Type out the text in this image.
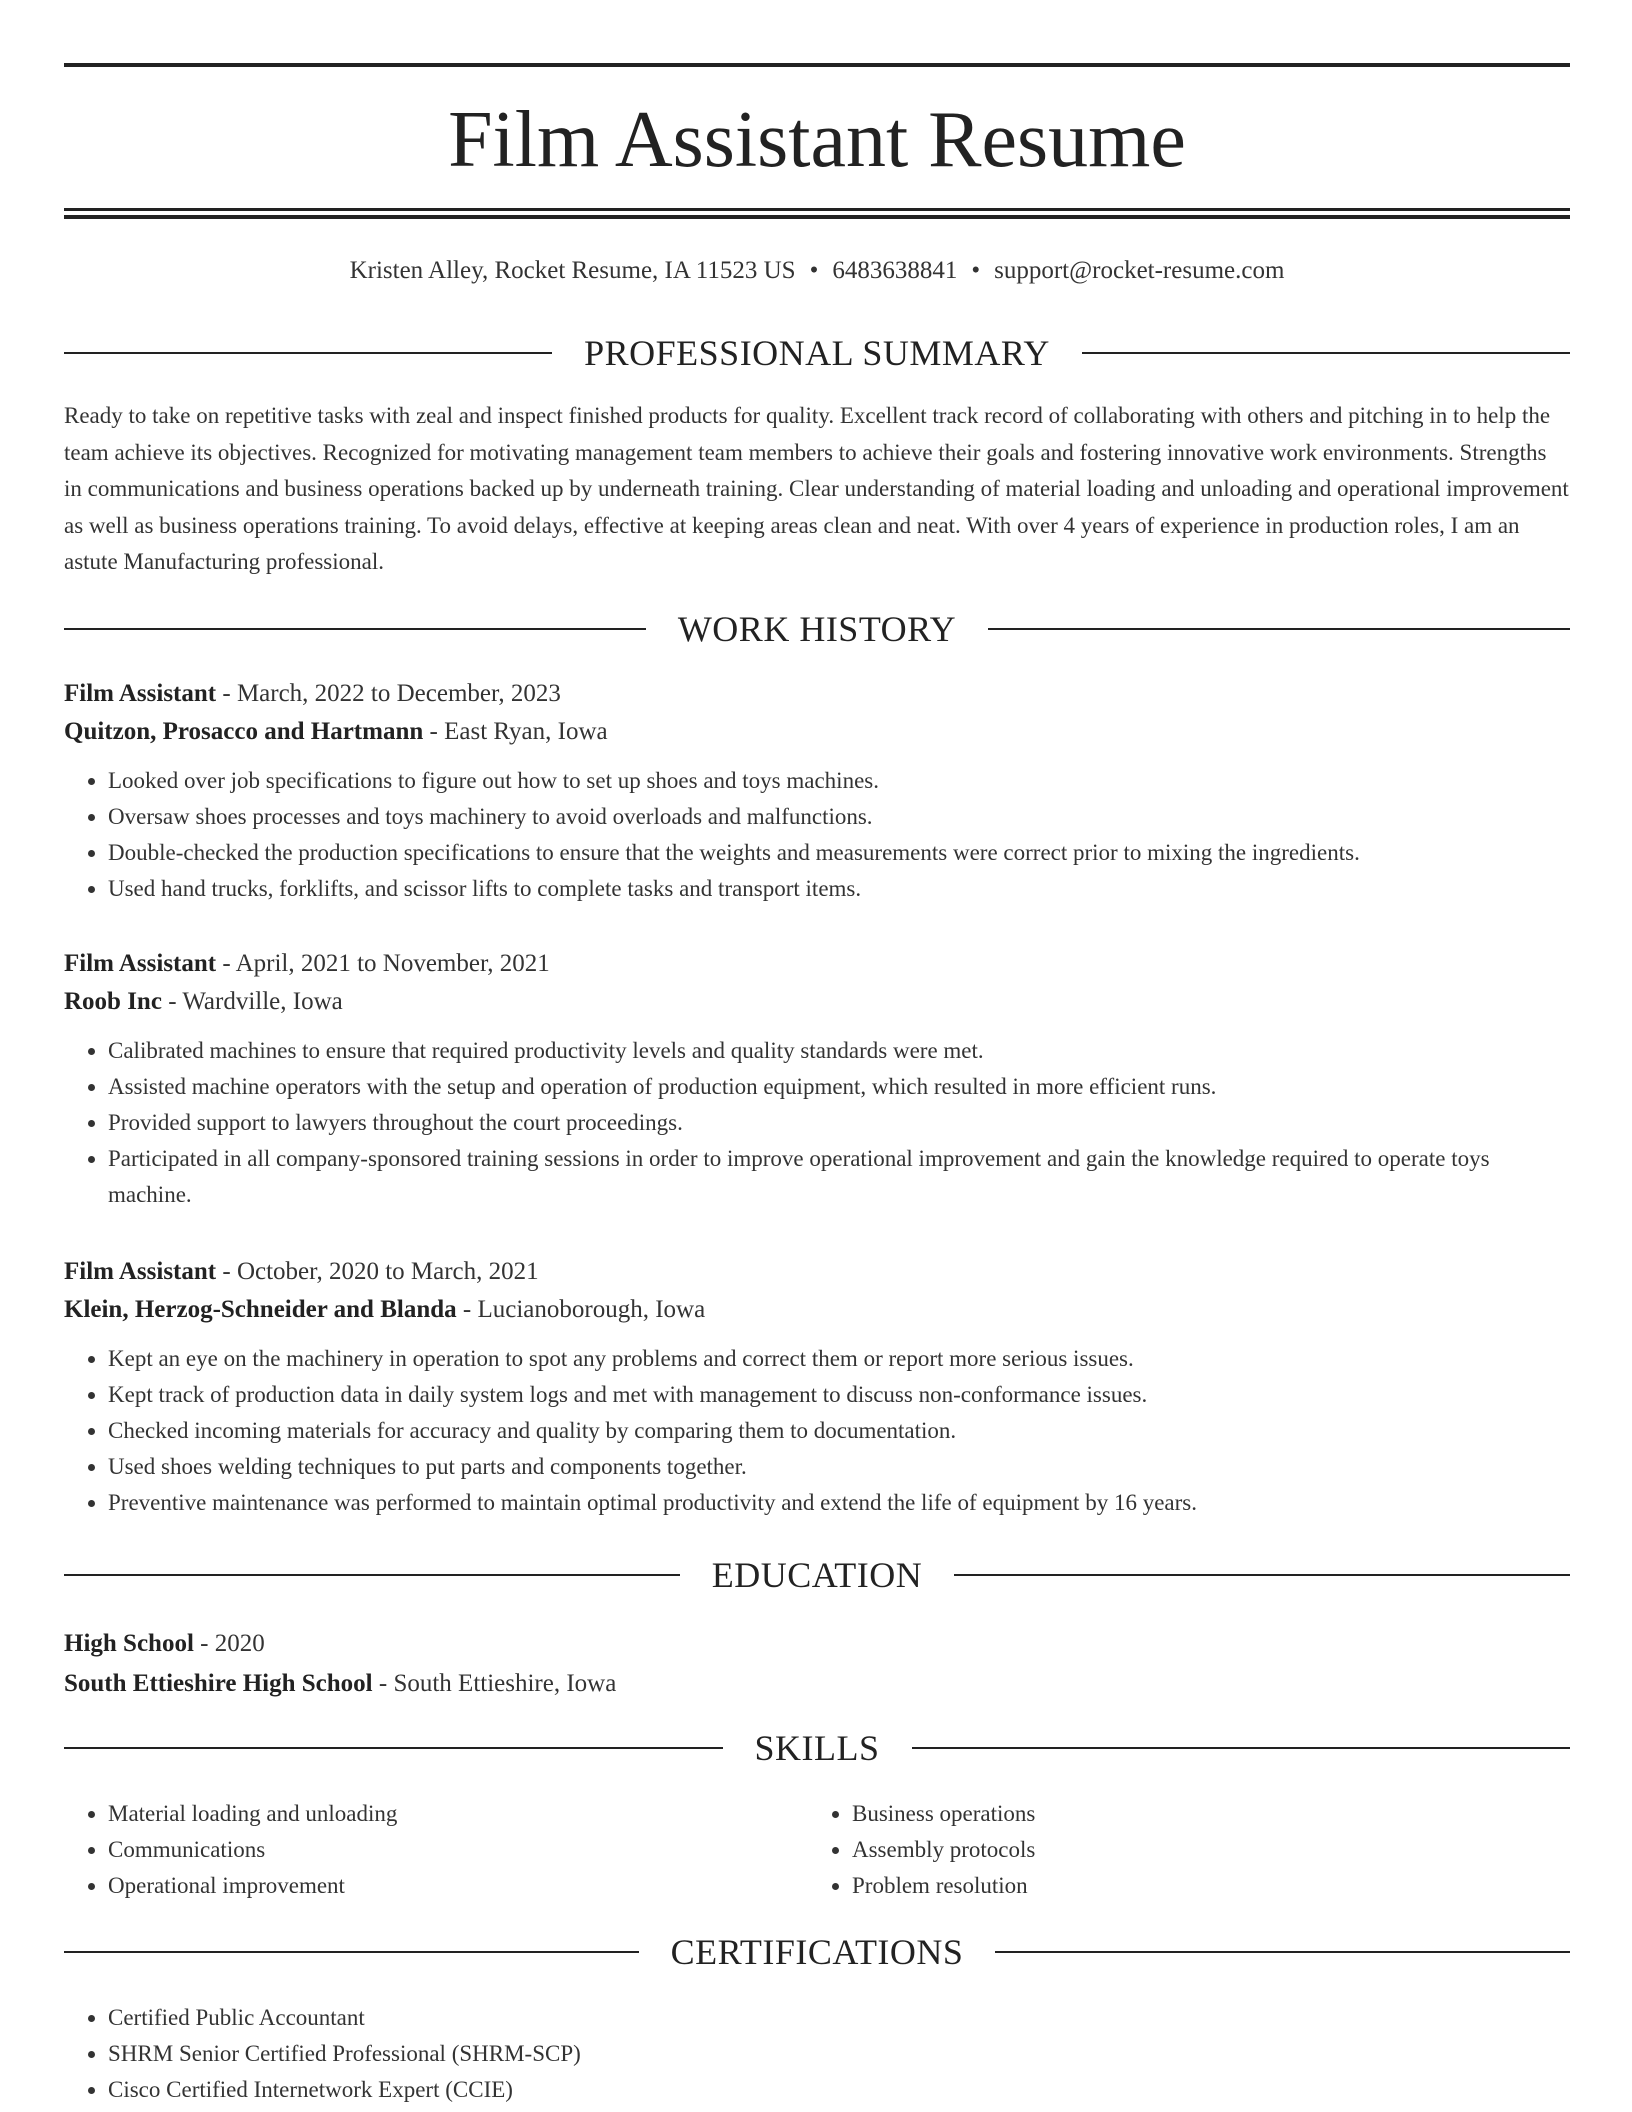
Film Assistant Resume
Kristen Alley, Rocket Resume, IA 11523 US • 6483638841 • support@rocket-resume.com
PROFESSIONAL SUMMARY

Ready to take on repetitive tasks with zeal and inspect finished products for quality. Excellent track record of collaborating with others and pitching in to help the team achieve its objectives. Recognized for motivating management team members to achieve their goals and fostering innovative work environments. Strengths in communications and business operations backed up by underneath training. Clear understanding of material loading and unloading and operational improvement as well as business operations training. To avoid delays, effective at keeping areas clean and neat. With over 4 years of experience in production roles, I am an astute Manufacturing professional.

WORK HISTORY
Film Assistant - March, 2022 to December, 2023
Quitzon, Prosacco and Hartmann - East Ryan, Iowa
• Looked over job specifications to figure out how to set up shoes and toys machines.
• Oversaw shoes processes and toys machinery to avoid overloads and malfunctions.
• Double-checked the production specifications to ensure that the weights and measurements were correct prior to mixing the ingredients.
• Used hand trucks, forklifts, and scissor lifts to complete tasks and transport items.
Film Assistant - April, 2021 to November, 2021
Roob Inc - Wardville, Iowa
• Calibrated machines to ensure that required productivity levels and quality standards were met.
• Assisted machine operators with the setup and operation of production equipment, which resulted in more efficient runs.
• Provided support to lawyers throughout the court proceedings.
• Participated in all company-sponsored training sessions in order to improve operational improvement and gain the knowledge required to operate toys machine.
Film Assistant - October, 2020 to March, 2021
Klein, Herzog-Schneider and Blanda - Lucianoborough, Iowa
• Kept an eye on the machinery in operation to spot any problems and correct them or report more serious issues.
• Kept track of production data in daily system logs and met with management to discuss non-conformance issues.
• Checked incoming materials for accuracy and quality by comparing them to documentation.
• Used shoes welding techniques to put parts and components together.
• Preventive maintenance was performed to maintain optimal productivity and extend the life of equipment by 16 years.
EDUCATION
High School - 2020
South Ettieshire High School - South Ettieshire, Iowa
SKILLS
• Material loading and unloading
• Communications
• Operational improvement
• Business operations
• Assembly protocols
• Problem resolution
CERTIFICATIONS
• Certified Public Accountant
• SHRM Senior Certified Professional (SHRM-SCP)
• Cisco Certified Internetwork Expert (CCIE)
